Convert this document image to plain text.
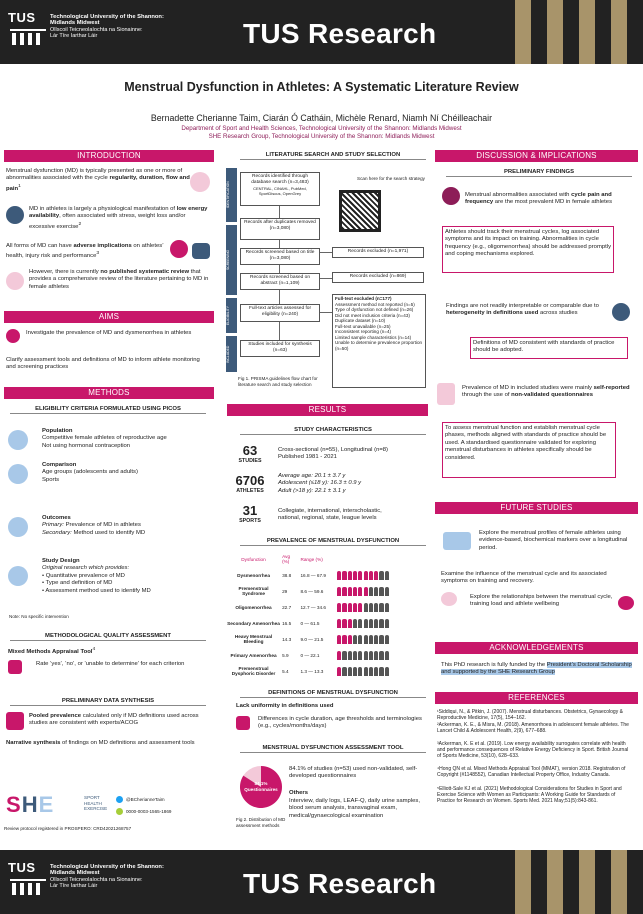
TUS	Technological University of the Shannon:
Midlands Midwest
Ollscoil Teicneolaíochta na Sionainne:
Lár Tíre Iarthar Láir	TUS Research
Menstrual Dysfunction in Athletes: A Systematic Literature Review
Bernadette Cherianne Taim, Ciarán Ó Catháin, Michèle Renard, Niamh Ní Chéilleachair
Department of Sport and Health Sciences, Technological University of the Shannon: Midlands Midwest
SHE Research Group, Technological University of the Shannon: Midlands Midwest
INTRODUCTION
Menstrual dysfunction (MD) is typically presented as one or more of abnormalities associated with the cycle regularity, duration, flow and pain$^1$
MD in athletes is largely a physiological manifestation of low energy availability, often associated with stress, weight loss and/or excessive exercise$^2$
All forms of MD can have adverse implications on athletes’ health, injury risk and performance$^3$
However, there is currently no published systematic review that provides a comprehensive review of the literature pertaining to MD in female athletes
AIMS
Investigate the prevalence of MD and dysmenorrhea in athletes
Clarify assessment tools and definitions of MD to inform athlete monitoring and screening practices
METHODS
ELIGIBILITY CRITERIA FORMULATED USING PICOS
Population
Competitive female athletes of reproductive age
Not using hormonal contraception
Comparison
Age groups (adolescents and adults)
Sports
Outcomes
Primary: Prevalence of MD in athletes
Secondary: Method used to identify MD
Study Design
Original research which provides:
• Quantitative prevalence of MD
• Type and definition of MD
• Assessment method used to identify MD
Note: No specific intervention
METHODOLOGICAL QUALITY ASSESSMENT
Mixed Methods Appraisal Tool$^4$
Rate ‘yes’, ‘no’, or ‘unable to determine’ for each criterion
PRELIMINARY DATA SYNTHESIS
Pooled prevalence calculated only if MD definitions used across studies are consistent with experts/ACOG
Narrative synthesis of findings on MD definitions and assessment tools
SHE	SPORT
HEALTH
EXERCISE
@BCherianneTaim
0000-0003-1565-1869
Review protocol registered in PROSPERO: CRD42021268757
LITERATURE SEARCH AND STUDY SELECTION
IDENTIFICATION
SCREENING
ELIGIBILITY
INCLUDED
Records identified through database search (n=3,483)
CENTRAL, CINAHL, PubMed, SportDiscus, OpenGrey
Records after duplicates removed (n=3,080)
Records screened based on title (n=3,080)
Records excluded (n=1,971)
Records screened based on abstract (n=1,109)
Records excluded (n=869)
Full-text articles assessed for eligibility (n=240)
Studies included for synthesis (n=63)
Scan here for the search strategy
Full-text excluded (n=177)
Assessment method not reported (n=5)
Type of dysfunction not defined (n=26)
Did not meet inclusion criteria (n=43)
Duplicate dataset (n=10)
Full-text unavailable (n=25)
Inconsistent reporting (n=4)
Limited sample characteristics (n=14)
Unable to determine prevalence proportion (n=50)
Fig 1. PRISMA guidelines flow chart for literature search and study selection
RESULTS
STUDY CHARACTERISTICS
63
STUDIES
Cross-sectional (n=55), Longitudinal (n=8)
Published 1981 - 2021
6706
ATHLETES
Average age: 20.1 ± 3.7 y
Adolescent (≤18 y): 16.3 ± 0.9 y
Adult (>18 y): 22.1 ± 3.1 y
31
SPORTS
Collegiate, international, interscholastic,
national, regional, state, league levels
PREVALENCE OF MENSTRUAL DYSFUNCTION
Dysfunction	Avg (%)	Range (%)	
Dysmenorrhea	38.8	16.8 — 67.9	
Premenstrual Syndrome	29	8.6 — 59.6	
Oligomenorrhea	22.7	12.7 — 34.6	
Secondary Amenorrhea	16.5	0 — 61.5	
Heavy Menstrual Bleeding	14.3	9.0 — 21.5	
Primary Amenorrhea	5.9	0 — 22.1	
Premenstrual Dysphoric Disorder	5.4	1.3 — 13.3	
DEFINITIONS OF MENSTRUAL DYSFUNCTION
Lack uniformity in definitions used
Differences in cycle duration, age thresholds and terminologies (e.g., cycles/months/days)
MENSTRUAL DYSFUNCTION ASSESSMENT TOOL
84.1% Questionnaires
84.1% of studies (n=53) used non-validated, self-developed questionnaires
Others
Interview, daily logs, LEAF-Q, daily urine samples, blood serum analysis, transvaginal exam, medical/gynaecological examination
Fig 2. Distribution of MD assessment methods
DISCUSSION & IMPLICATIONS
PRELIMINARY FINDINGS
Menstrual abnormalities associated with cycle pain and frequency are the most prevalent MD in female athletes
Athletes should track their menstrual cycles, log associated symptoms and its impact on training. Abnormalities in cycle frequency (e.g., oligomenorrhea) should be addressed promptly and coping mechanisms explored.
Findings are not readily interpretable or comparable due to heterogeneity in definitions used across studies
Definitions of MD consistent with standards of practice should be adopted.
Prevalence of MD in included studies were mainly self-reported through the use of non-validated questionnaires
To assess menstrual function and establish menstrual cycle phases, methods aligned with standards of practice should be used. A standardised questionnaire validated for exploring menstrual disturbances in athletes specifically should be considered.
FUTURE STUDIES
Explore the menstrual profiles of female athletes using evidence-based, biochemical markers over a longitudinal period.
Examine the influence of the menstrual cycle and its associated symptoms on training and recovery.
Explore the relationships between the menstrual cycle, training load and athlete wellbeing
ACKNOWLEDGEMENTS
This PhD research is fully funded by the President’s Doctoral Scholarship and supported by the SHE Research Group
REFERENCES
¹Siddiqui, N., & Pitkin, J. (2007). Menstrual disturbances. Obstetrics, Gynaecology & Reproductive Medicine, 17(5), 154–162.
²Ackerman, K. E., & Misra, M. (2018). Amenorrhoea in adolescent female athletes. The Lancet Child & Adolescent Health, 2(9), 677–688.
³Ackerman, K. E et al. (2019). Low energy availability surrogates correlate with health and performance consequences of Relative Energy Deficiency in Sport. British Journal of Sports Medicine, 53(10), 628–633.
⁴Hong QN et al. Mixed Methods Appraisal Tool (MMAT), version 2018. Registration of Copyright (#1148552), Canadian Intellectual Property Office, Industry Canada.
⁵Elliott-Sale KJ et al. (2021) Methodological Considerations for Studies in Sport and Exercise Science with Women as Participants: A Working Guide for Standards of Practice for Research on Women. Sports Med. 2021 May;51(5):843-861.
TUS	Technological University of the Shannon:
Midlands Midwest
Ollscoil Teicneolaíochta na Sionainne:
Lár Tíre Iarthar Láir	TUS Research
